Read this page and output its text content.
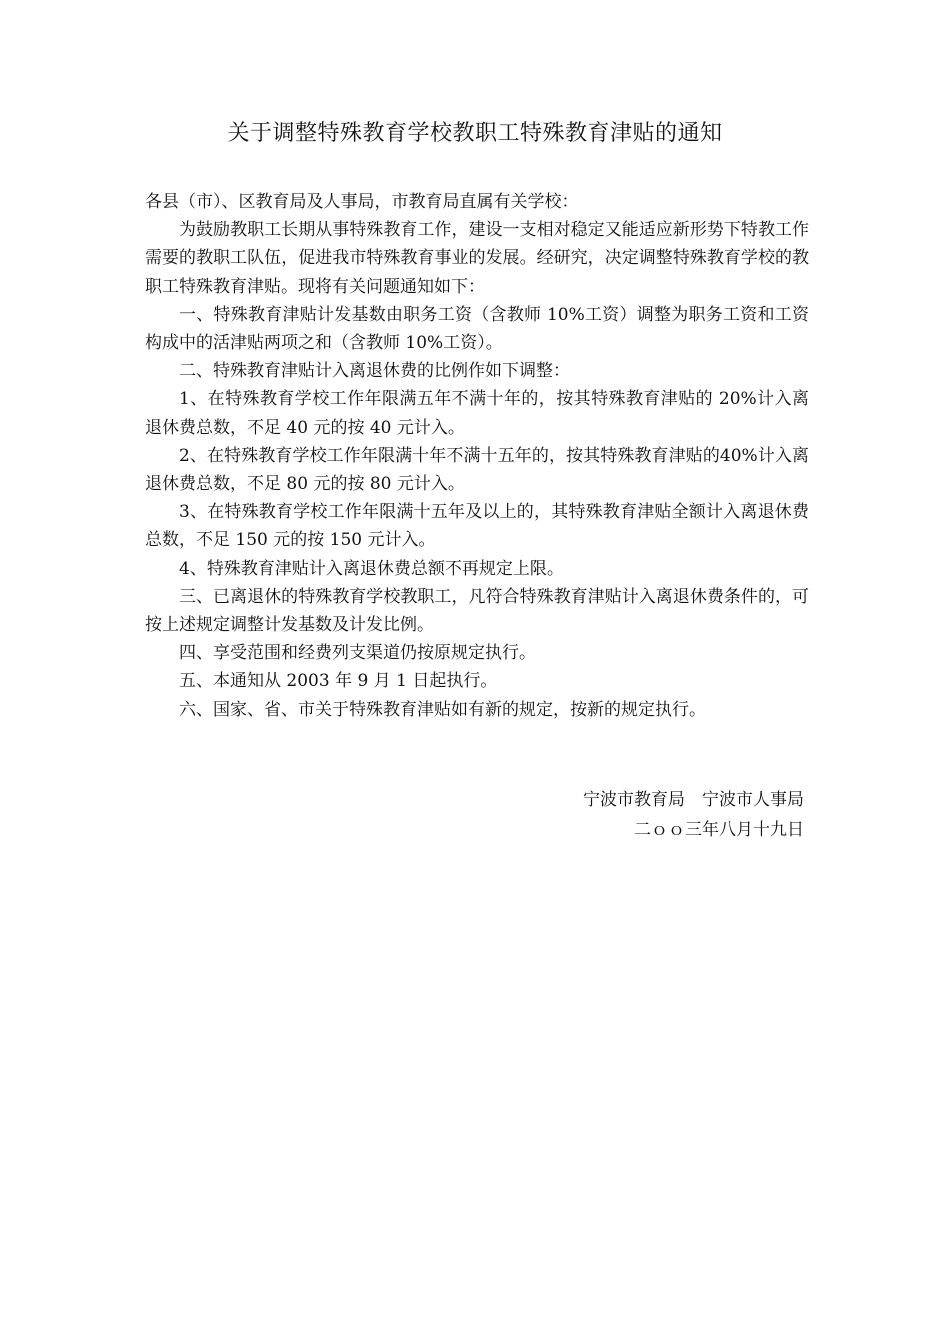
关于调整特殊教育学校教职工特殊教育津贴的通知

各县（市）、区教育局及人事局，市教育局直属有关学校：

为鼓励教职工长期从事特殊教育工作，建设一支相对稳定又能适应新形势下特教工作需要的教职工队伍，促进我市特殊教育事业的发展。经研究，决定调整特殊教育学校的教职工特殊教育津贴。现将有关问题通知如下：

一、特殊教育津贴计发基数由职务工资（含教师 10%工资）调整为职务工资和工资构成中的活津贴两项之和（含教师 10%工资）。

二、特殊教育津贴计入离退休费的比例作如下调整：

1、在特殊教育学校工作年限满五年不满十年的，按其特殊教育津贴的 20%计入离退休费总数，不足 40 元的按 40 元计入。

2、在特殊教育学校工作年限满十年不满十五年的，按其特殊教育津贴的40%计入离退休费总数，不足 80 元的按 80 元计入。

3、在特殊教育学校工作年限满十五年及以上的，其特殊教育津贴全额计入离退休费总数，不足 150 元的按 150 元计入。

4、特殊教育津贴计入离退休费总额不再规定上限。

三、已离退休的特殊教育学校教职工，凡符合特殊教育津贴计入离退休费条件的，可按上述规定调整计发基数及计发比例。

四、享受范围和经费列支渠道仍按原规定执行。

五、本通知从 2003 年 9 月 1 日起执行。

六、国家、省、市关于特殊教育津贴如有新的规定，按新的规定执行。

宁波市教育局　宁波市人事局
二ｏｏ三年八月十九日
